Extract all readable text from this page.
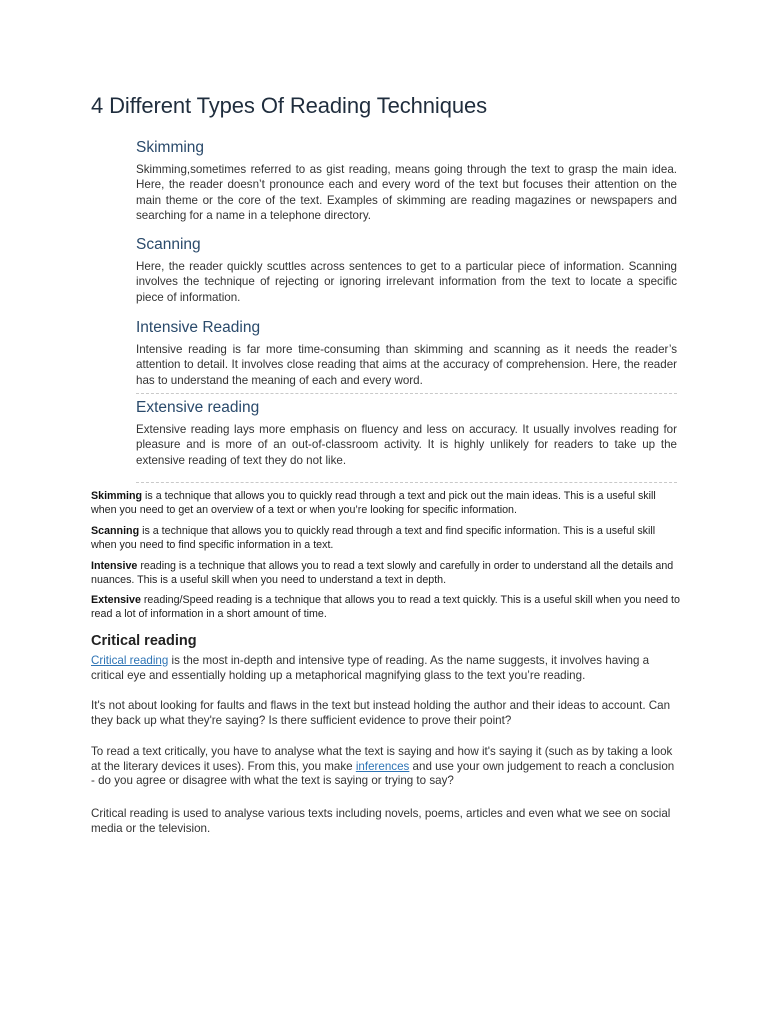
4 Different Types Of Reading Techniques
Skimming

Skimming,sometimes referred to as gist reading, means going through the text to grasp the main idea. Here, the reader doesn’t pronounce each and every word of the text but focuses their attention on the main theme or the core of the text. Examples of skimming are reading magazines or newspapers and searching for a name in a telephone directory.

Scanning

Here, the reader quickly scuttles across sentences to get to a particular piece of information. Scanning involves the technique of rejecting or ignoring irrelevant information from the text to locate a specific piece of information.

Intensive Reading

Intensive reading is far more time-consuming than skimming and scanning as it needs the reader’s attention to detail. It involves close reading that aims at the accuracy of comprehension. Here, the reader has to understand the meaning of each and every word.

Extensive reading

Extensive reading lays more emphasis on fluency and less on accuracy. It usually involves reading for pleasure and is more of an out-of-classroom activity. It is highly unlikely for readers to take up the extensive reading of text they do not like.

Skimming is a technique that allows you to quickly read through a text and pick out the main ideas. This is a useful skill when you need to get an overview of a text or when you’re looking for specific information.

Scanning is a technique that allows you to quickly read through a text and find specific information. This is a useful skill when you need to find specific information in a text.

Intensive reading is a technique that allows you to read a text slowly and carefully in order to understand all the details and nuances. This is a useful skill when you need to understand a text in depth.

Extensive reading/Speed reading is a technique that allows you to read a text quickly. This is a useful skill when you need to read a lot of information in a short amount of time.

Critical reading

Critical reading is the most in-depth and intensive type of reading. As the name suggests, it involves having a critical eye and essentially holding up a metaphorical magnifying glass to the text you’re reading.

It's not about looking for faults and flaws in the text but instead holding the author and their ideas to account. Can they back up what they're saying? Is there sufficient evidence to prove their point?

To read a text critically, you have to analyse what the text is saying and how it's saying it (such as by taking a look at the literary devices it uses). From this, you make inferences and use your own judgement to reach a conclusion - do you agree or disagree with what the text is saying or trying to say?

Critical reading is used to analyse various texts including novels, poems, articles and even what we see on social media or the television.
